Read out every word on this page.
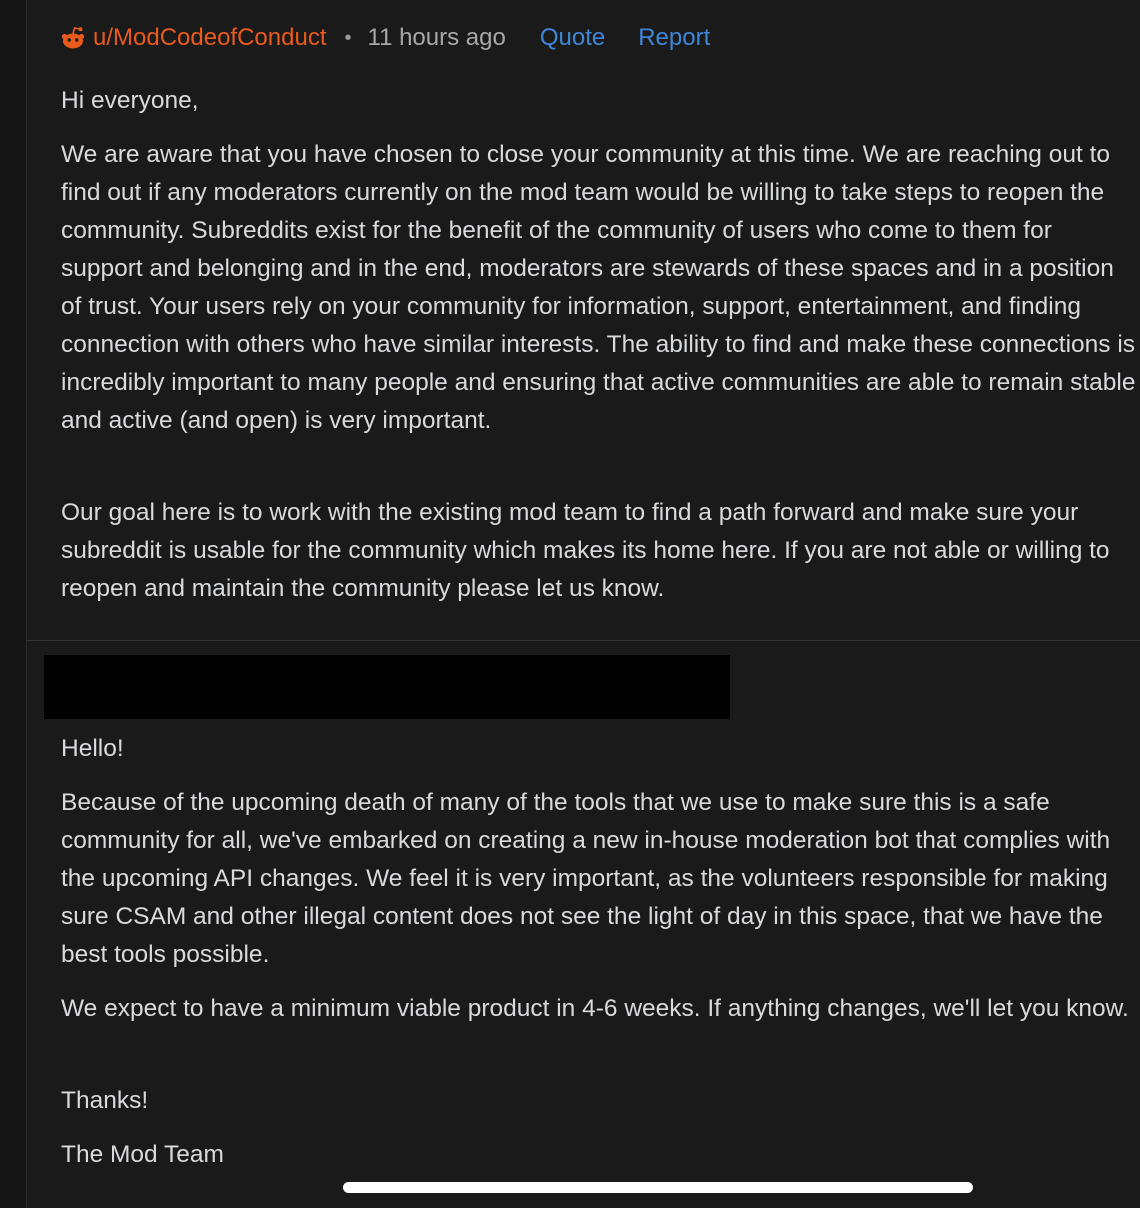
u/ModCodeofConduct • 11 hours ago Quote Report

Hi everyone,

We are aware that you have chosen to close your community at this time. We are reaching out to find out if any moderators currently on the mod team would be willing to take steps to reopen the community. Subreddits exist for the benefit of the community of users who come to them for support and belonging and in the end, moderators are stewards of these spaces and in a position of trust. Your users rely on your community for information, support, entertainment, and finding connection with others who have similar interests. The ability to find and make these connections is incredibly important to many people and ensuring that active communities are able to remain stable and active (and open) is very important.

Our goal here is to work with the existing mod team to find a path forward and make sure your subreddit is usable for the community which makes its home here. If you are not able or willing to reopen and maintain the community please let us know.

Hello!

Because of the upcoming death of many of the tools that we use to make sure this is a safe community for all, we've embarked on creating a new in-house moderation bot that complies with the upcoming API changes. We feel it is very important, as the volunteers responsible for making sure CSAM and other illegal content does not see the light of day in this space, that we have the best tools possible.

We expect to have a minimum viable product in 4-6 weeks. If anything changes, we'll let you know.

Thanks!

The Mod Team
